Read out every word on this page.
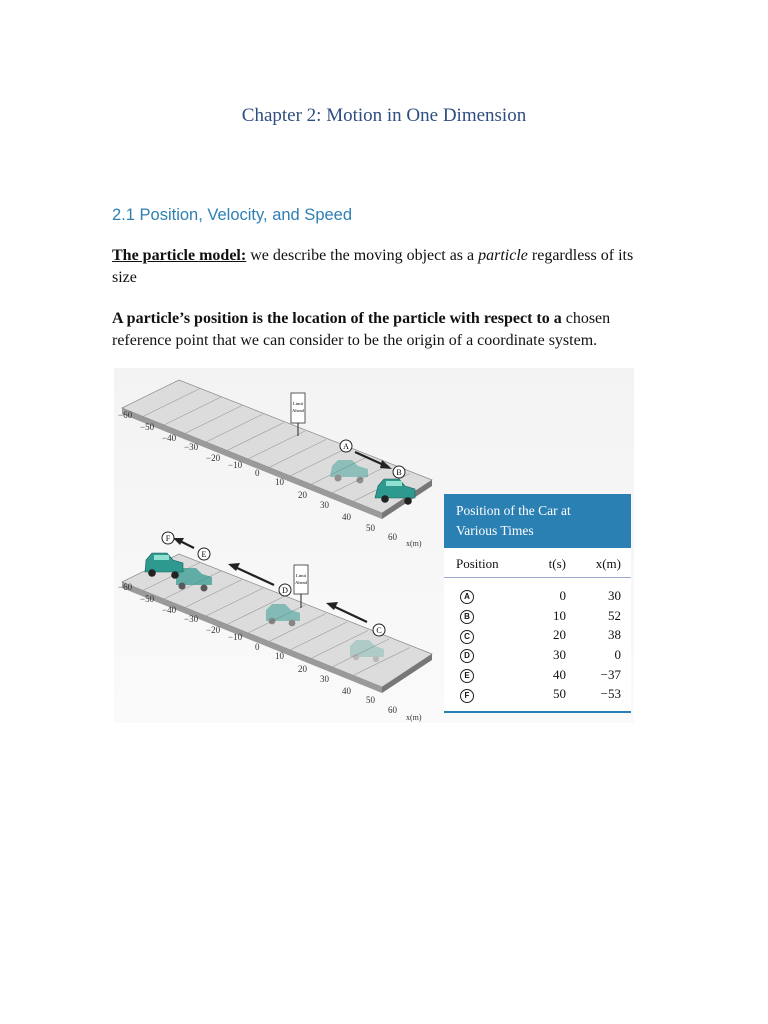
Chapter 2: Motion in One Dimension
2.1 Position, Velocity, and Speed
The particle model: we describe the moving object as a particle regardless of its size
A particle’s position is the location of the particle with respect to a chosen reference point that we can consider to be the origin of a coordinate system.
Limit
Ahead
−60
−50
−40
−30
−20
−10
0
10
20
30
40
50
60
x(m)
A
B
Limit
Ahead
−60
−50
−40
−30
−20
−10
0
10
20
30
40
50
60
x(m)
C
D
E
F
Position of the Car at
Various Times
Position	t(s)	x(m)
A	0	30
B	10	52
C	20	38
D	30	0
E	40	−37
F	50	−53
